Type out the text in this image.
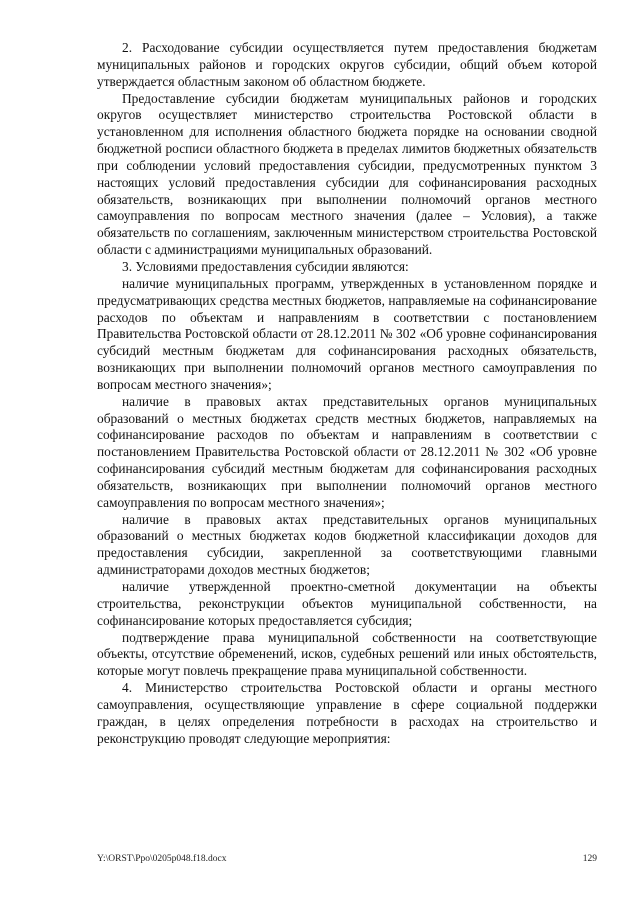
2. Расходование субсидии осуществляется путем предоставления бюджетам муниципальных районов и городских округов субсидии, общий объем которой утверждается областным законом об областном бюджете.

Предоставление субсидии бюджетам муниципальных районов и городских округов осуществляет министерство строительства Ростовской области в установленном для исполнения областного бюджета порядке на основании сводной бюджетной росписи областного бюджета в пределах лимитов бюджетных обязательств при соблюдении условий предоставления субсидии, предусмотренных пунктом 3 настоящих условий предоставления субсидии для софинансирования расходных обязательств, возникающих при выполнении полномочий органов местного самоуправления по вопросам местного значения (далее – Условия), а также обязательств по соглашениям, заключенным министерством строительства Ростовской области с администрациями муниципальных образований.

3. Условиями предоставления субсидии являются:

наличие муниципальных программ, утвержденных в установленном порядке и предусматривающих средства местных бюджетов, направляемые на софинансирование расходов по объектам и направлениям в соответствии с постановлением Правительства Ростовской области от 28.12.2011 № 302 «Об уровне софинансирования субсидий местным бюджетам для софинансирования расходных обязательств, возникающих при выполнении полномочий органов местного самоуправления по вопросам местного значения»;

наличие в правовых актах представительных органов муниципальных образований о местных бюджетах средств местных бюджетов, направляемых на софинансирование расходов по объектам и направлениям в соответствии с постановлением Правительства Ростовской области от 28.12.2011 № 302 «Об уровне софинансирования субсидий местным бюджетам для софинансирования расходных обязательств, возникающих при выполнении полномочий органов местного самоуправления по вопросам местного значения»;

наличие в правовых актах представительных органов муниципальных образований о местных бюджетах кодов бюджетной классификации доходов для предоставления субсидии, закрепленной за соответствующими главными администраторами доходов местных бюджетов;

наличие утвержденной проектно-сметной документации на объекты строительства, реконструкции объектов муниципальной собственности, на софинансирование которых предоставляется субсидия;

подтверждение права муниципальной собственности на соответствующие объекты, отсутствие обременений, исков, судебных решений или иных обстоятельств, которые могут повлечь прекращение права муниципальной собственности.

4. Министерство строительства Ростовской области и органы местного самоуправления, осуществляющие управление в сфере социальной поддержки граждан, в целях определения потребности в расходах на строительство и реконструкцию проводят следующие мероприятия:

Y:\ORST\Ppo\0205p048.f18.docx	129
